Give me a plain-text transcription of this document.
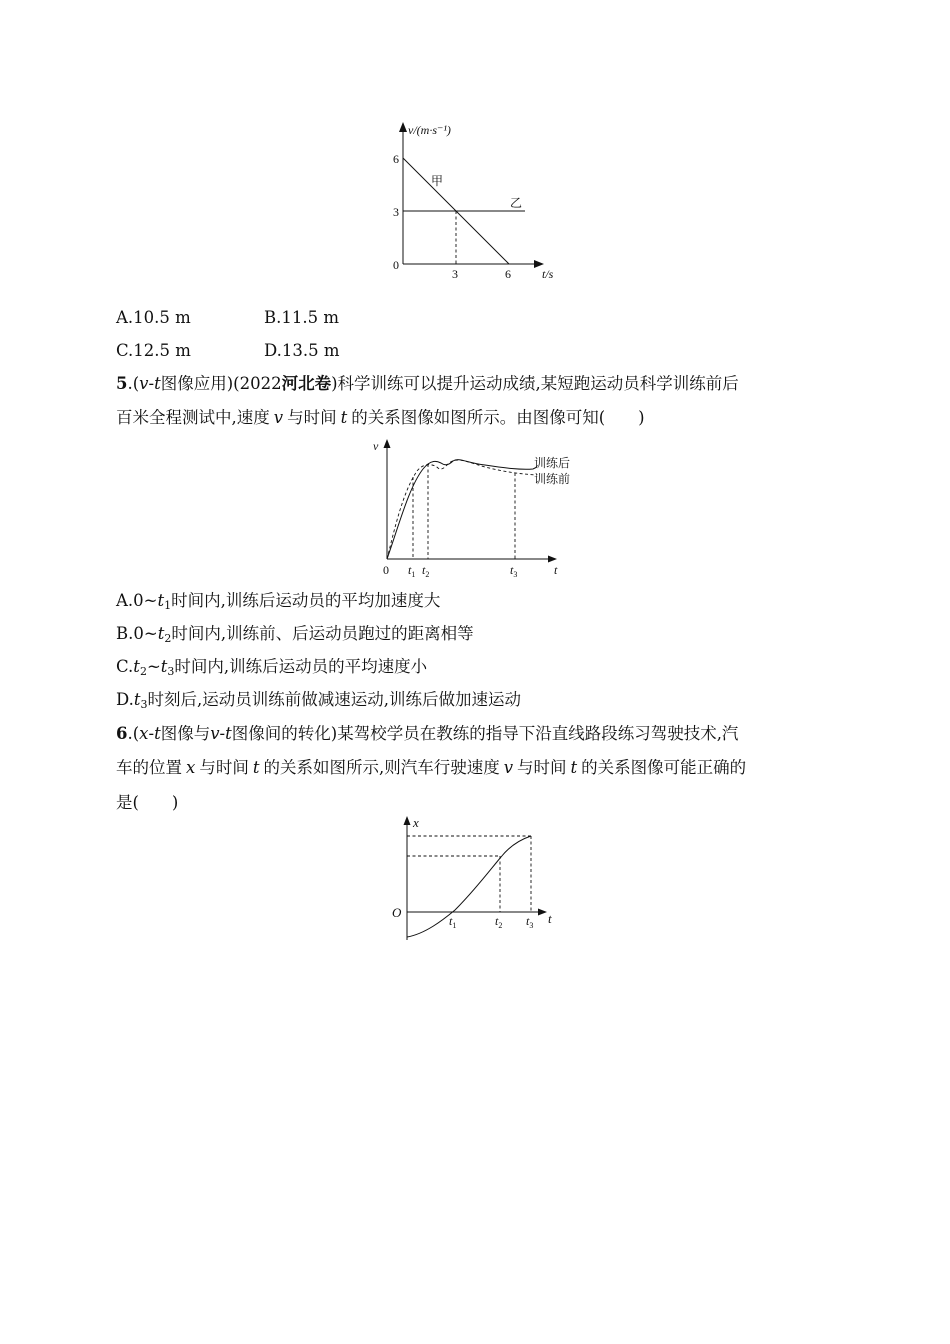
v/(m·s⁻¹)
6
3
0
3	6	t/s
甲
乙
A.10.5 m	B.11.5 m
C.12.5 m	D.13.5 m
5.(v-t图像应用)(2022河北卷)科学训练可以提升运动成绩,某短跑运动员科学训练前后
百米全程测试中,速度 v 与时间 t 的关系图像如图所示。由图像可知(　　)
v
0 $t_1$ $t_2$	$t_3$	t
训练后
训练前
$A.0\sim t_1$时间内,训练后运动员的平均加速度大
$B.0\sim t_2$时间内,训练前、后运动员跑过的距离相等
$C.t_2\sim t_3$时间内,训练后运动员的平均速度小
$D.t_3$时刻后,运动员训练前做减速运动,训练后做加速运动
6.(x-t图像与v-t图像间的转化)某驾校学员在教练的指导下沿直线路段练习驾驶技术,汽
车的位置 x 与时间 t 的关系如图所示,则汽车行驶速度 v 与时间 t 的关系图像可能正确的
是(　　)
x
O
$t_1$	$t_2$ $t_3$ t
